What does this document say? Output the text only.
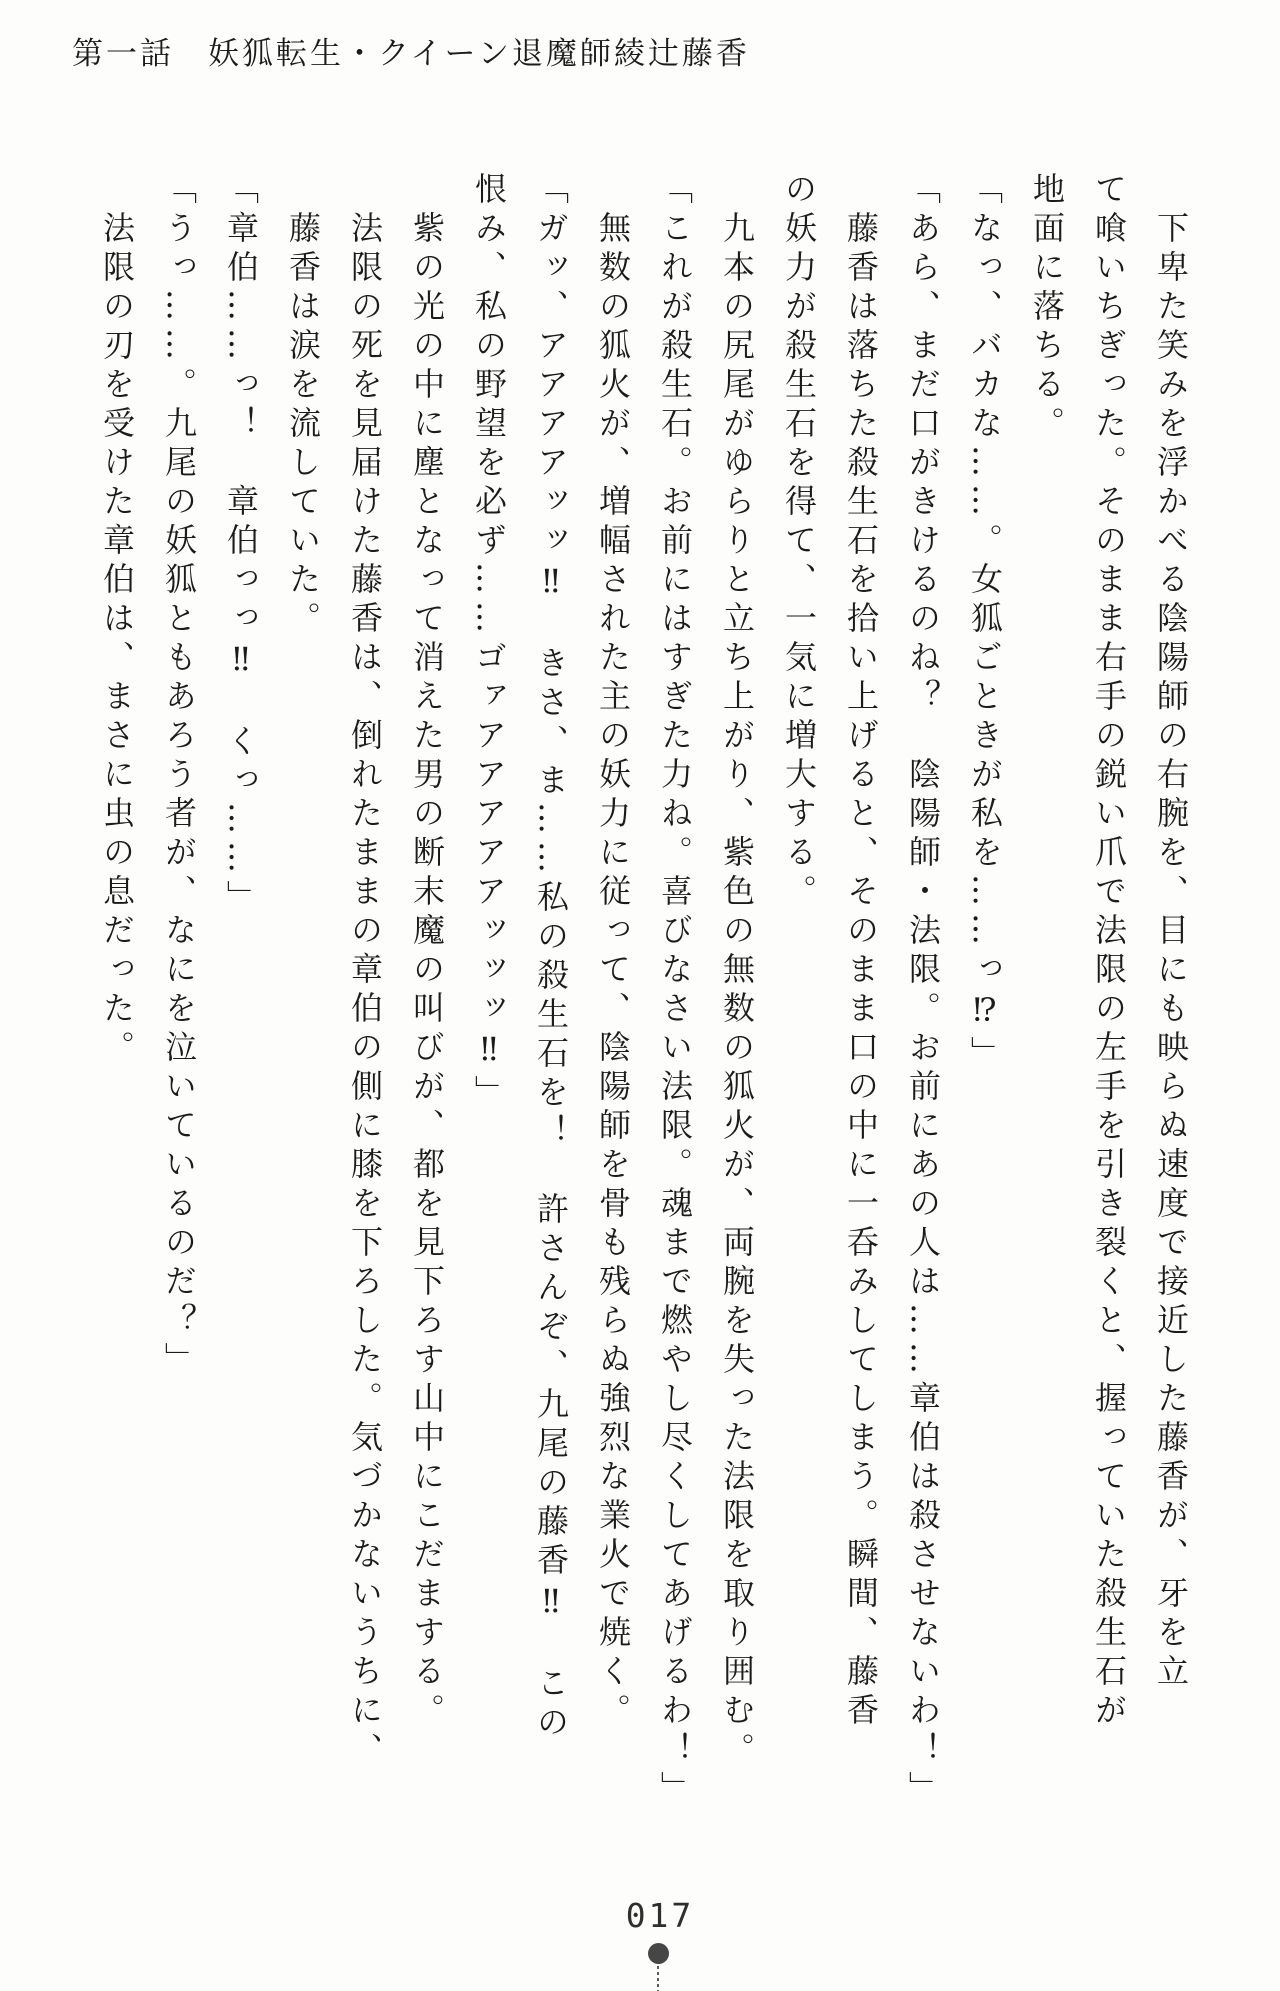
第一話　妖狐転生・クイーン退魔師綾辻藤香
　下卑た笑みを浮かべる陰陽師の右腕を、目にも映らぬ速度で接近した藤香が、牙を立
て喰いちぎった。そのまま右手の鋭い爪で法限の左手を引き裂くと、握っていた殺生石が
地面に落ちる。
「なっ、バカな……。女狐ごときが私を……っ⁉」
「あら、まだ口がきけるのね？　陰陽師・法限。お前にあの人は……章伯は殺させないわ！」
　藤香は落ちた殺生石を拾い上げると、そのまま口の中に一呑みしてしまう。瞬間、藤香
の妖力が殺生石を得て、一気に増大する。
　九本の尻尾がゆらりと立ち上がり、紫色の無数の狐火が、両腕を失った法限を取り囲む。
「これが殺生石。お前にはすぎた力ね。喜びなさい法限。魂まで燃やし尽くしてあげるわ！」
　無数の狐火が、増幅された主の妖力に従って、陰陽師を骨も残らぬ強烈な業火で焼く。
「ガッ、アアアアッッ‼　きさ、ま……私の殺生石を！　許さんぞ、九尾の藤香‼　この
恨み、私の野望を必ず……ゴァアアアアアッッッ‼」
　紫の光の中に塵となって消えた男の断末魔の叫びが、都を見下ろす山中にこだまする。
　法限の死を見届けた藤香は、倒れたままの章伯の側に膝を下ろした。気づかないうちに、
　藤香は涙を流していた。
「章伯……っ！　章伯っっ‼　くっ……」
「うっ……。九尾の妖狐ともあろう者が、なにを泣いているのだ？」
　法限の刃を受けた章伯は、まさに虫の息だった。
017
